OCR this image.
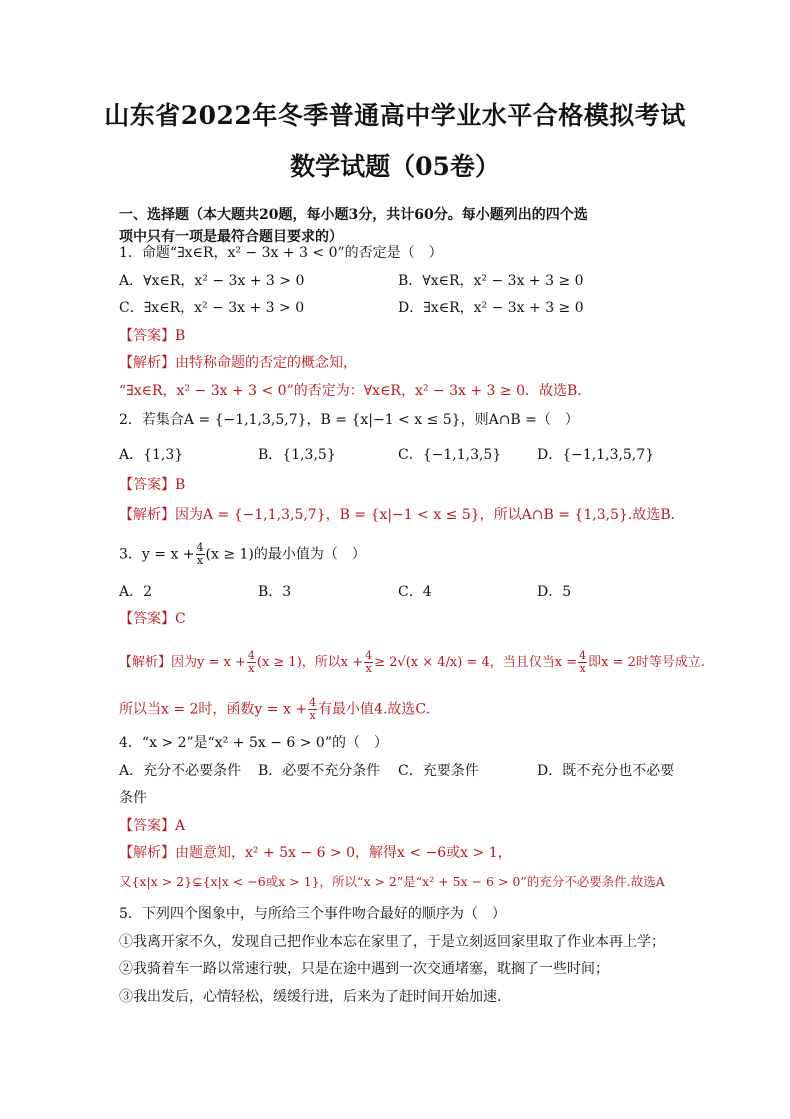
山东省2022年冬季普通高中学业水平合格模拟考试
数学试题（05卷）
一、选择题（本大题共20题，每小题3分，共计60分。每小题列出的四个选
项中只有一项是最符合题目要求的）
1．命题“∃x∈R，x² − 3x + 3 < 0”的否定是（　）
A．∀x∈R，x² − 3x + 3 > 0	B．∀x∈R，x² − 3x + 3 ≥ 0
C．∃x∈R，x² − 3x + 3 > 0	D．∃x∈R，x² − 3x + 3 ≥ 0
【答案】B
【解析】由特称命题的否定的概念知，
“∃x∈R，x² − 3x + 3 < 0”的否定为：∀x∈R，x² − 3x + 3 ≥ 0．故选B．
2．若集合A = {−1,1,3,5,7}，B = {x|−1 < x ≤ 5}，则A∩B =（　）
A．{1,3}	B．{1,3,5}	C．{−1,1,3,5}	D．{−1,1,3,5,7}
【答案】B
【解析】因为A = {−1,1,3,5,7}，B = {x|−1 < x ≤ 5}，所以A∩B = {1,3,5}.故选B．
3．$y = x + \frac{4}{x} (x \ge 1)$的最小值为（　）
A．2	B．3	C．4	D．5
【答案】C
【解析】因为$y = x + \frac{4}{x} (x \ge 1)$，所以$x + \frac{4}{x} \ge 2√(x \times 4/x) = 4$，当且仅当$x = \frac{4}{x}$ 即x = 2时等号成立.
所以当x = 2时，函数$y = x + \frac{4}{x}$ 有最小值4.故选C.
4．“x > 2”是“x² + 5x − 6 > 0”的（　）
A．充分不必要条件 B．必要不充分条件 C．充要条件	D．既不充分也不必要
条件
【答案】A
【解析】由题意知，x² + 5x − 6 > 0，解得x < −6或x > 1，
又{x|x > 2}⊊{x|x < −6或x > 1}，所以“x > 2”是“x² + 5x − 6 > 0”的充分不必要条件.故选A
5．下列四个图象中，与所给三个事件吻合最好的顺序为（　）
①我离开家不久，发现自己把作业本忘在家里了，于是立刻返回家里取了作业本再上学；
②我骑着车一路以常速行驶，只是在途中遇到一次交通堵塞，耽搁了一些时间；
③我出发后，心情轻松，缓缓行进，后来为了赶时间开始加速.
